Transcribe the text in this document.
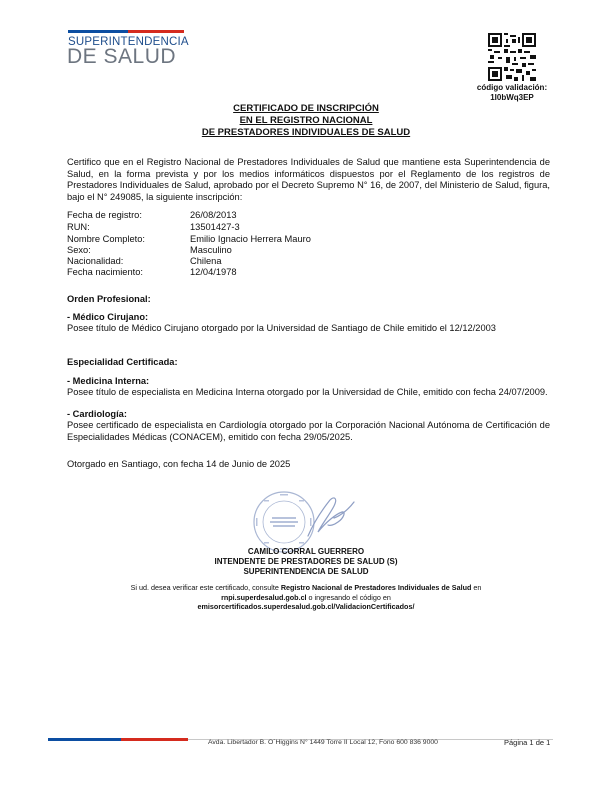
SUPERINTENDENCIA
DE SALUD
código validación:
1I0bWq3EP
CERTIFICADO DE INSCRIPCIÓN
EN EL REGISTRO NACIONAL
DE PRESTADORES INDIVIDUALES DE SALUD
Certifico que en el Registro Nacional de Prestadores Individuales de Salud que mantiene esta Superintendencia de Salud, en la forma prevista y por los medios informáticos dispuestos por el Reglamento de los registros de Prestadores Individuales de Salud, aprobado por el Decreto Supremo N° 16, de 2007, del Ministerio de Salud, figura, bajo el N° 249085, la siguiente inscripción:
Fecha de registro:	26/08/2013
RUN:	13501427-3
Nombre Completo:	Emilio Ignacio Herrera Mauro
Sexo:	Masculino
Nacionalidad:	Chilena
Fecha nacimiento:	12/04/1978
Orden Profesional:
- Médico Cirujano:
Posee título de Médico Cirujano otorgado por la Universidad de Santiago de Chile emitido el 12/12/2003
Especialidad Certificada:
- Medicina Interna:
Posee título de especialista en Medicina Interna otorgado por la Universidad de Chile, emitido con fecha 24/07/2009.
- Cardiología:
Posee certificado de especialista en Cardiología otorgado por la Corporación Nacional Autónoma de Certificación de Especialidades Médicas (CONACEM), emitido con fecha 29/05/2025.
Otorgado en Santiago, con fecha 14 de Junio de 2025
CAMILO CORRAL GUERRERO
INTENDENTE DE PRESTADORES DE SALUD (S)
SUPERINTENDENCIA DE SALUD
Si ud. desea verificar este certificado, consulte Registro Nacional de Prestadores Individuales de Salud en rnpi.superdesalud.gob.cl o ingresando el código en
emisorcertificados.superdesalud.gob.cl/ValidacionCertificados/
Avda. Libertador B. O´Higgins N° 1449 Torre II Local 12, Fono 600 836 9000	Página 1 de 1
